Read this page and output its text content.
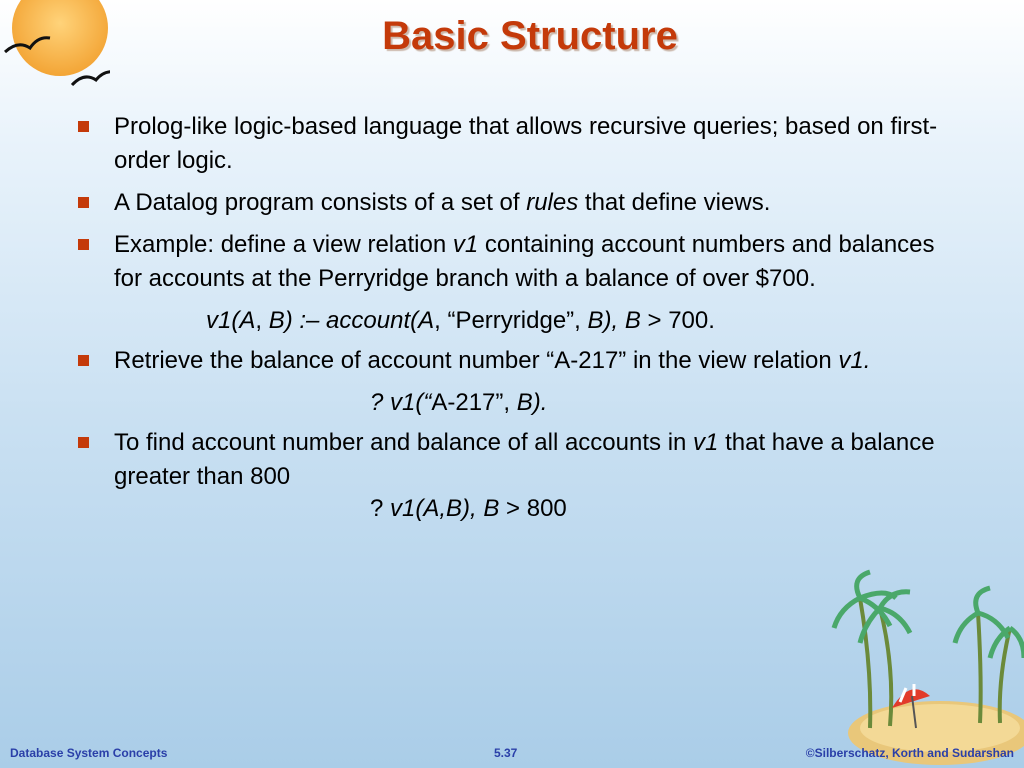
Basic Structure
Prolog-like logic-based language that allows recursive queries; based on first-order logic.
A Datalog program consists of a set of rules that define views.
Example: define a view relation v1 containing account numbers and balances for accounts at the Perryridge branch with a balance of over $700.
v1(A, B) :– account(A, “Perryridge”, B), B > 700.
Retrieve the balance of account number “A-217” in the view relation v1.
? v1(“A-217”, B).
To find account number and balance of all accounts in v1 that have a balance greater than 800
? v1(A,B), B > 800
Database System Concepts	5.37	©Silberschatz, Korth and Sudarshan
